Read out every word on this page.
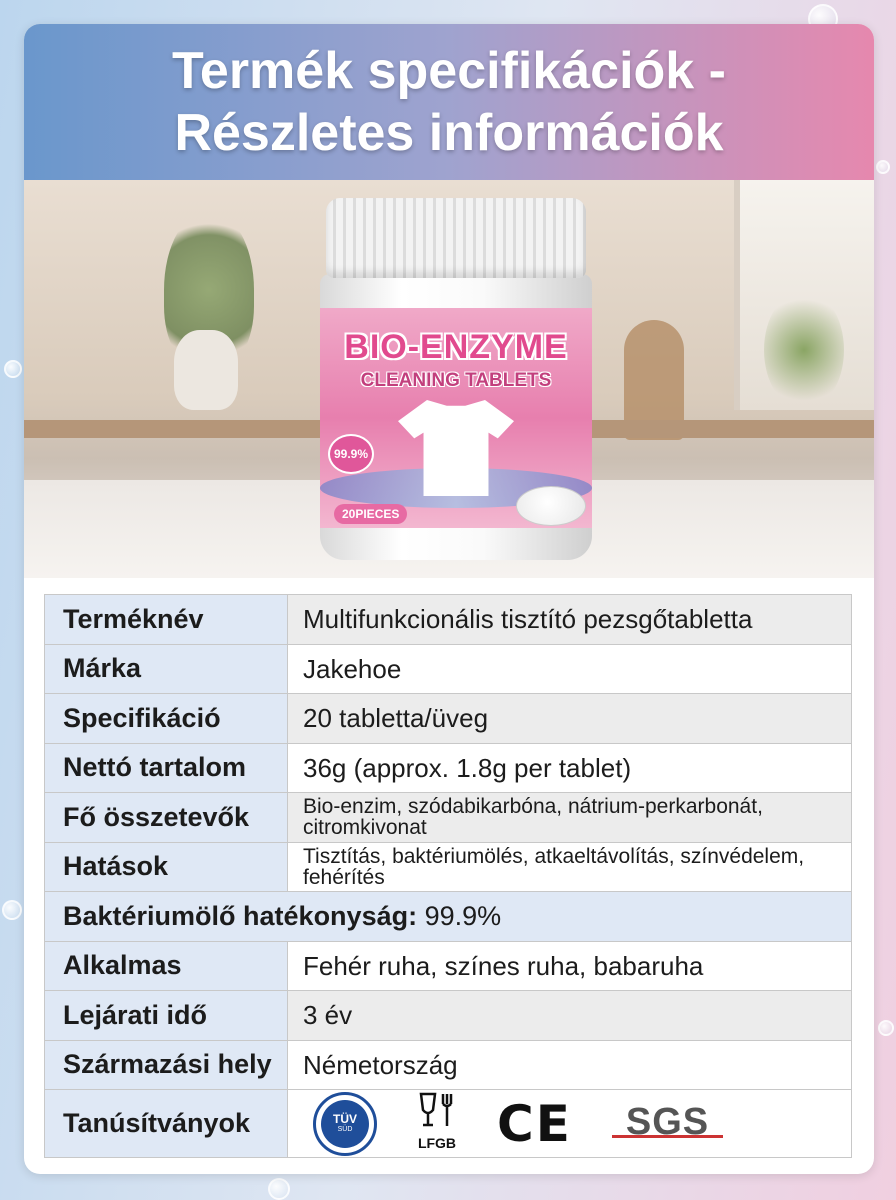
Termék specifikációk -
Részletes információk
BIO-ENZYME
CLEANING TABLETS
99.9%
20PIECES
Terméknév	Multifunkcionális tisztító pezsgőtabletta
Márka	Jakehoe
Specifikáció	20 tabletta/üveg
Nettó tartalom	36g (approx. 1.8g per tablet)
Fő összetevők	Bio-enzim, szódabikarbóna, nátrium-perkarbonát, citromkivonat
Hatások	Tisztítás, baktériumölés, atkaeltávolítás, színvédelem, fehérítés
Baktériumölő hatékonyság: 99.9%	
Alkalmas	Fehér ruha, színes ruha, babaruha
Lejárati idő	3 év
Származási hely	Németország
Tanúsítványok	TÜV
SÜD
LFGB CE SGS
